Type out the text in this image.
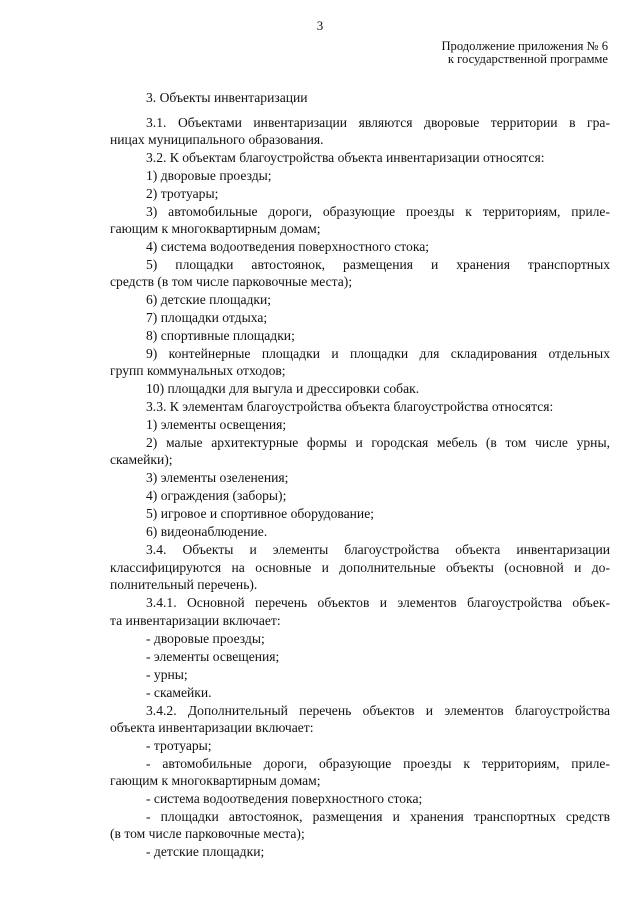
3
Продолжение приложения № 6
к государственной программе
3. Объекты инвентаризации
3.1. Объектами инвентаризации являются дворовые территории в гра-
ницах муниципального образования.
3.2. К объектам благоустройства объекта инвентаризации относятся:
1) дворовые проезды;
2) тротуары;
3) автомобильные дороги, образующие проезды к территориям, приле-
гающим к многоквартирным домам;
4) система водоотведения поверхностного стока;
5) площадки автостоянок, размещения и хранения транспортных
средств (в том числе парковочные места);
6) детские площадки;
7) площадки отдыха;
8) спортивные площадки;
9) контейнерные площадки и площадки для складирования отдельных
групп коммунальных отходов;
10) площадки для выгула и дрессировки собак.
3.3. К элементам благоустройства объекта благоустройства относятся:
1) элементы освещения;
2) малые архитектурные формы и городская мебель (в том числе урны,
скамейки);
3) элементы озеленения;
4) ограждения (заборы);
5) игровое и спортивное оборудование;
6) видеонаблюдение.
3.4. Объекты и элементы благоустройства объекта инвентаризации
классифицируются на основные и дополнительные объекты (основной и до-
полнительный перечень).
3.4.1. Основной перечень объектов и элементов благоустройства объек-
та инвентаризации включает:
- дворовые проезды;
- элементы освещения;
- урны;
- скамейки.
3.4.2. Дополнительный перечень объектов и элементов благоустройства
объекта инвентаризации включает:
- тротуары;
- автомобильные дороги, образующие проезды к территориям, приле-
гающим к многоквартирным домам;
- система водоотведения поверхностного стока;
- площадки автостоянок, размещения и хранения транспортных средств
(в том числе парковочные места);
- детские площадки;
